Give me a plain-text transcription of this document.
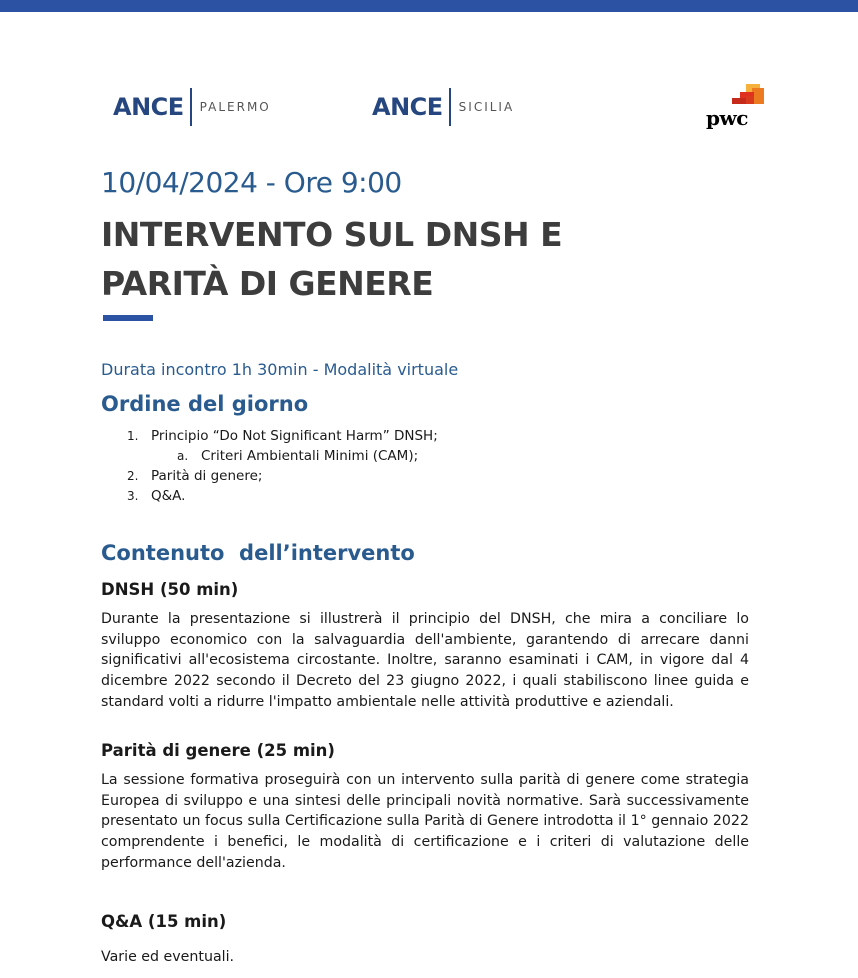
ANCE PALERMO	ANCE SICILIA	pwc
10/04/2024 - Ore 9:00
INTERVENTO SUL DNSH E
PARITÀ DI GENERE
Durata incontro 1h 30min - Modalità virtuale
Ordine del giorno
1. Principio “Do Not Significant Harm” DNSH;
a. Criteri Ambientali Minimi (CAM);
2. Parità di genere;
3. Q&A.
Contenuto  dell’intervento
DNSH (50 min)
Durante la presentazione si illustrerà il principio del DNSH, che mira a conciliare lo sviluppo economico con la salvaguardia dell'ambiente, garantendo di arrecare danni significativi all'ecosistema circostante. Inoltre, saranno esaminati i CAM, in vigore dal 4 dicembre 2022 secondo il Decreto del 23 giugno 2022, i quali stabiliscono linee guida e standard volti a ridurre l'impatto ambientale nelle attività produttive e aziendali.
Parità di genere (25 min)
La sessione formativa proseguirà con un intervento sulla parità di genere come strategia Europea di sviluppo e una sintesi delle principali novità normative. Sarà successivamente presentato un focus sulla Certificazione sulla Parità di Genere introdotta il 1° gennaio 2022 comprendente i benefici, le modalità di certificazione e i criteri di valutazione delle performance dell'azienda.
Q&A (15 min)
Varie ed eventuali.
